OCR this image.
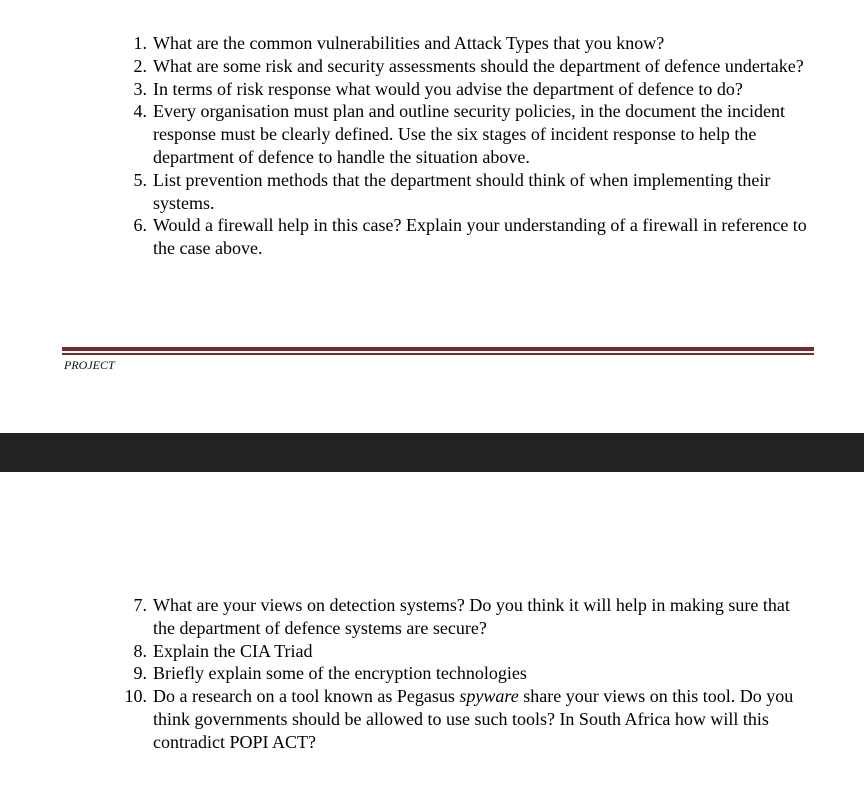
1. What are the common vulnerabilities and Attack Types that you know?
2. What are some risk and security assessments should the department of defence undertake?
3. In terms of risk response what would you advise the department of defence to do?
4. Every organisation must plan and outline security policies, in the document the incident response must be clearly defined. Use the six stages of incident response to help the department of defence to handle the situation above.
5. List prevention methods that the department should think of when implementing their systems.
6. Would a firewall help in this case? Explain your understanding of a firewall in reference to the case above.
PROJECT
7. What are your views on detection systems? Do you think it will help in making sure that the department of defence systems are secure?
8. Explain the CIA Triad
9. Briefly explain some of the encryption technologies
10. Do a research on a tool known as Pegasus spyware share your views on this tool. Do you think governments should be allowed to use such tools? In South Africa how will this contradict POPI ACT?
